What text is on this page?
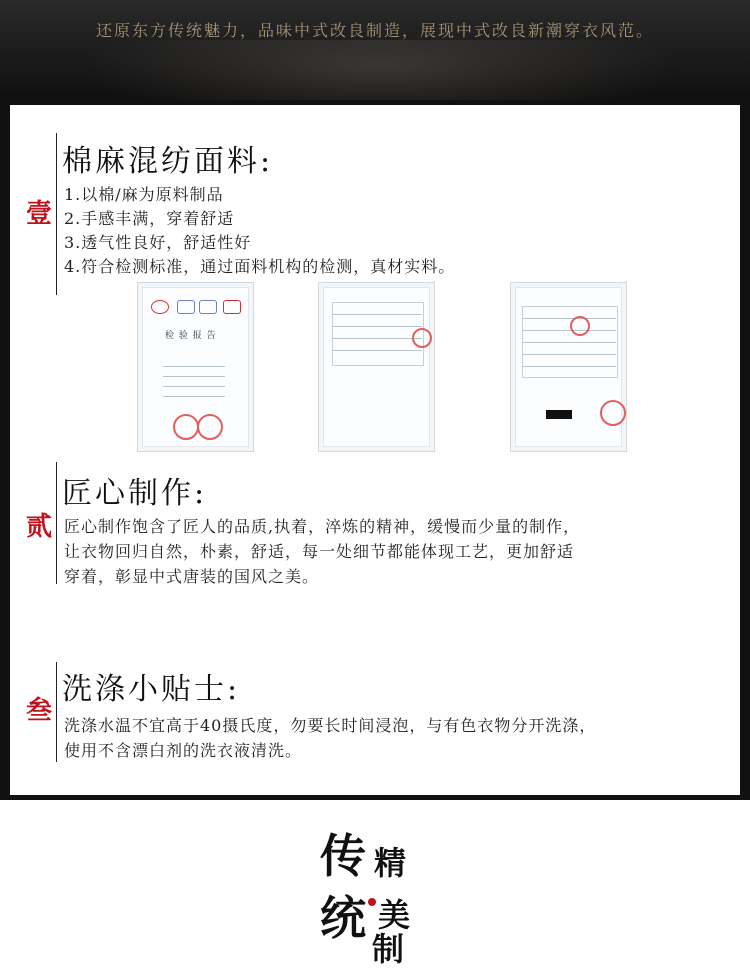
还原东方传统魅力，品味中式改良制造，展现中式改良新潮穿衣风范。
壹
棉麻混纺面料:
1.以棉/麻为原料制品
2.手感丰满，穿着舒适
3.透气性良好，舒适性好
4.符合检测标准，通过面料机构的检测，真材实料。
检 验 报 告
贰
匠心制作:
匠心制作饱含了匠人的品质,执着，淬炼的精神，缓慢而少量的制作，
让衣物回归自然，朴素，舒适，每一处细节都能体现工艺，更加舒适
穿着，彰显中式唐装的国风之美。
叁
洗涤小贴士:
洗涤水温不宜高于40摄氏度，勿要长时间浸泡，与有色衣物分开洗涤，
使用不含漂白剂的洗衣液清洗。
传 精
统 美
制
